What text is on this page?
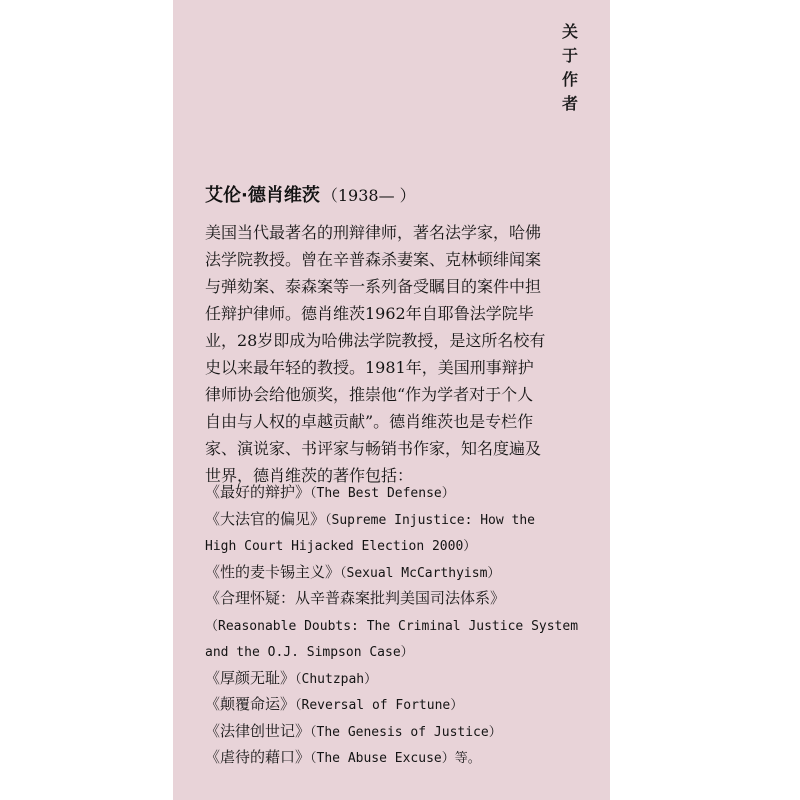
关
于
作
者
艾伦·德肖维茨 （1938— ）
美国当代最著名的刑辩律师，著名法学家，哈佛
法学院教授。曾在辛普森杀妻案、克林顿绯闻案
与弹劾案、泰森案等一系列备受瞩目的案件中担
任辩护律师。德肖维茨1962年自耶鲁法学院毕
业，28岁即成为哈佛法学院教授，是这所名校有
史以来最年轻的教授。1981年，美国刑事辩护
律师协会给他颁奖，推崇他“作为学者对于个人
自由与人权的卓越贡献”。德肖维茨也是专栏作
家、演说家、书评家与畅销书作家，知名度遍及
世界，德肖维茨的著作包括：
《最好的辩护》（The Best Defense）
《大法官的偏见》（Supreme Injustice: How the
High Court Hijacked Election 2000）
《性的麦卡锡主义》（Sexual McCarthyism）
《合理怀疑：从辛普森案批判美国司法体系》
（Reasonable Doubts: The Criminal Justice System
and the O.J. Simpson Case）
《厚颜无耻》（Chutzpah）
《颠覆命运》（Reversal of Fortune）
《法律创世记》（The Genesis of Justice）
《虐待的藉口》（The Abuse Excuse）等。
